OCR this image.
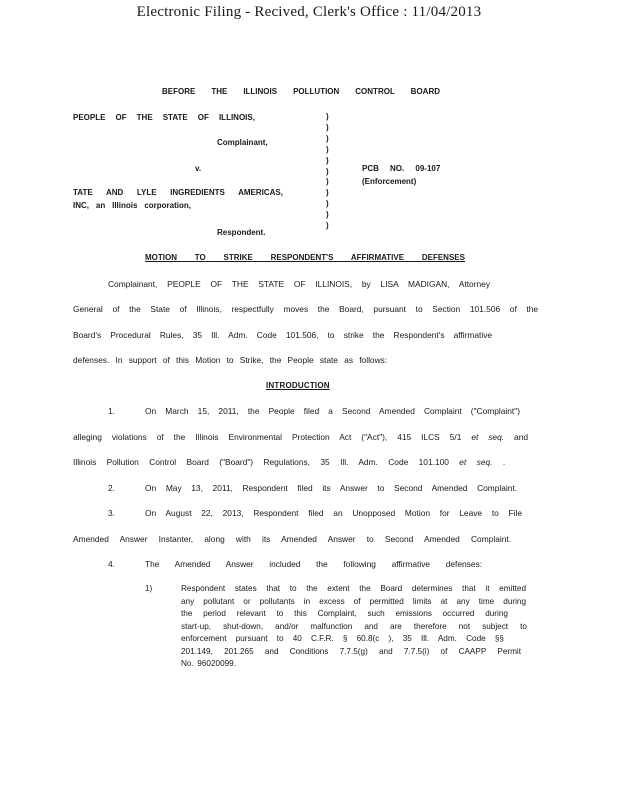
Electronic Filing - Recived, Clerk's Office : 11/04/2013
BEFORE THE ILLINOIS POLLUTION CONTROL BOARD
PEOPLE OF THE STATE OF ILLINOIS,
Complainant,
v.
)
)
)
)
)
)
)
)
)
)
)
PCB NO. 09-107
(Enforcement)
TATE AND LYLE INGREDIENTS AMERICAS,
INC, an Illinois corporation,
Respondent.
MOTION TO STRIKE RESPONDENT'S AFFIRMATIVE DEFENSES
Complainant, PEOPLE OF THE STATE OF ILLINOIS, by LISA MADIGAN, Attorney
General of the State of Illinois, respectfully moves the Board, pursuant to Section 101.506 of the
Board's Procedural Rules, 35 Ill. Adm. Code 101.506, to strike the Respondent's affirmative
defenses. In support of this Motion to Strike, the People state as follows:
INTRODUCTION
1.	On March 15, 2011, the People filed a Second Amended Complaint ("Complaint")
alleging violations of the Illinois Environmental Protection Act ("Act"), 415 ILCS 5/1 et seq. and
Illinois Pollution Control Board ("Board") Regulations, 35 Ill. Adm. Code 101.100 et seq. .
2.	On May 13, 2011, Respondent filed its Answer to Second Amended Complaint.
3.	On August 22, 2013, Respondent filed an Unopposed Motion for Leave to File
Amended Answer Instanter, along with its Amended Answer to Second Amended Complaint.
4.	The Amended Answer included the following affirmative defenses:
1)	Respondent states that to the extent the Board determines that it emitted
any pollutant or pollutants in excess of permitted limits at any time during
the period relevant to this Complaint, such emissions occurred during
start-up, shut-down, and/or malfunction and are therefore not subject to
enforcement pursuant to 40 C.F.R. § 60.8(c ), 35 Ill. Adm. Code §§
201.149, 201.265 and Conditions 7.7.5(g) and 7.7.5(i) of CAAPP Permit
No. 96020099.
